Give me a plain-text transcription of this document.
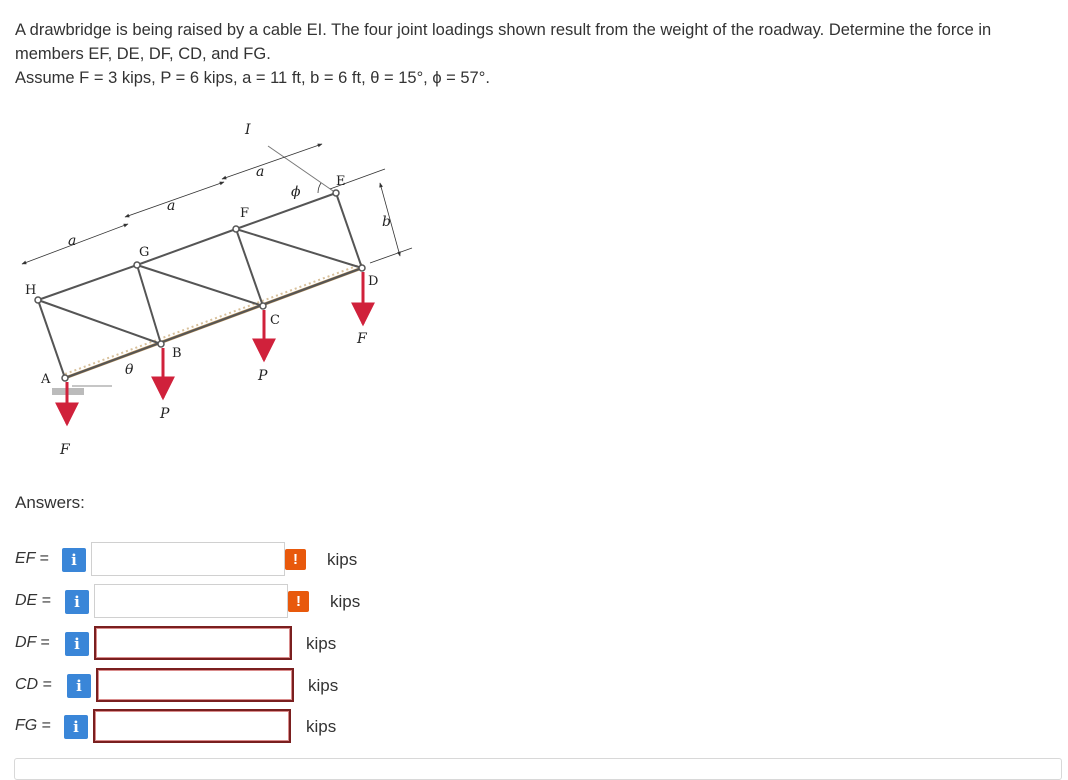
A drawbridge is being raised by a cable EI. The four joint loadings shown result from the weight of the roadway. Determine the force in

members EF, DE, DF, CD, and FG.

Assume F = 3 kips, P = 6 kips, a = 11 ft, b = 6 ft, θ = 15°, ϕ = 57°.

A
B
C
D
E
F
G
H
I
a
a
a
b
θ
ϕ
F
P
P
F
Answers:
EF =	i	!	kips
DE =	i	!	kips
DF =	i	kips
CD =	i	kips
FG =	i	kips
